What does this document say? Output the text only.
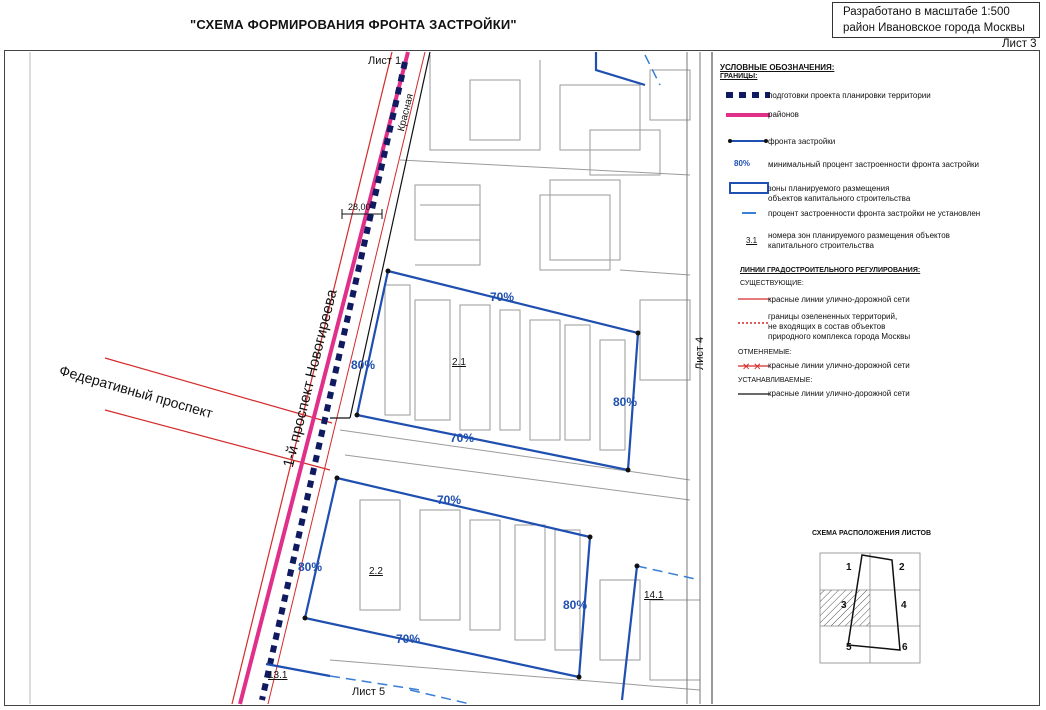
"СХЕМА ФОРМИРОВАНИЯ ФРОНТА ЗАСТРОЙКИ"
Разработано в масштабе 1:500
район Ивановское города Москвы
Лист 3
✕ ✕
Лист 1
Лист 5
Лист 4
Красная
Федеративный проспект	1-й проспект Новогиреева
28,00
2.1
2.2
14.1
13.1
70%
80%
80%
70%
70%
80%
80%
70%
УСЛОВНЫЕ ОБОЗНАЧЕНИЯ:
ГРАНИЦЫ:
подготовки проекта планировки территории
районов
фронта застройки
80% минимальный процент застроенности фронта застройки
зоны планируемого размещения
объектов капитального строительства
процент застроенности фронта застройки не установлен
3.1
номера зон планируемого размещения объектов
капитального строительства
ЛИНИИ ГРАДОСТРОИТЕЛЬНОГО РЕГУЛИРОВАНИЯ:
СУЩЕСТВУЮЩИЕ:
красные линии улично-дорожной сети
границы озелененных территорий,
не входящих в состав объектов
природного комплекса города Москвы
ОТМЕНЯЕМЫЕ:
красные линии улично-дорожной сети
УСТАНАВЛИВАЕМЫЕ:
красные линии улично-дорожной сети
СХЕМА РАСПОЛОЖЕНИЯ ЛИСТОВ
1	2
3	4
5	6
